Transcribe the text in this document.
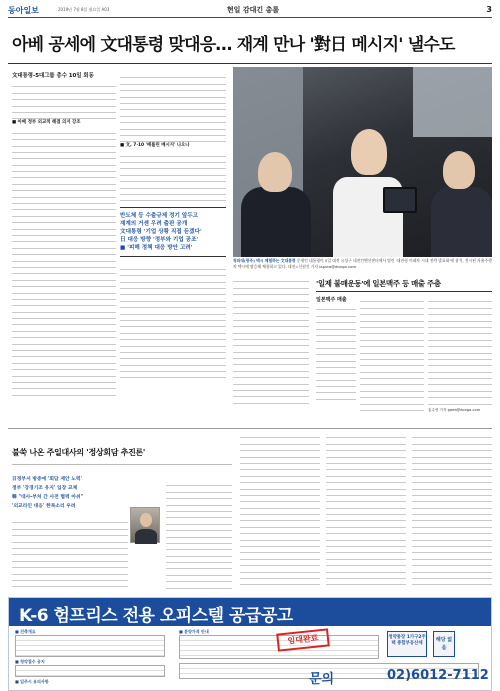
동아일보	2019년 7월 8일 월요일 A03	현일 감대긴 총롤	3
아베 공세에 文대통령 맞대응… 재계 만나 '對日 메시지' 낼수도
文대통령-5대그룹 총수 10일 회동
■ 아베 정부 외교적 해결 의지 강조
■ 文, 7·10 '베를린 메시지' 나오나
반도체 등 수출규제 정기 앞두고
재계의 거센 우려 출판 공개
文대통령 '기업 상황 직접 듣겠다'
日 대응 방향 '정부와 기업 공조'
■ '피해 정책 대응 방안 고려'
청와대(광주) 택시 체험하는 文대통령 문재인 대통령이 5일 대전 유성구 대전컨벤션센터에서 열린 '대전형 미래차 시대 전략 발표회'에 참석, 전시된 자율주행차 택시에 탑승해 체험하고 있다. 대전=신원건 기자 laputa@donga.com
'일제 불매운동'에 일본맥주 등 매출 주춤
일본맥주 매출
홍수영 기자 gaea@donga.com
불쑥 나온 주일대사의 '정상회담 추진론'
日정부서 방중에 '회담 제안 노력'
정부 '강경기조 유지' 입장 교체
韓 "대사-부처 간 사전 협력 아쉬"
'외교라인 대응' 한목소리 우려
K-6 험프리스 전용 오피스텔 공급공고
■ 건축개요
■ 청약접수 공지
■ 입주시 유의사항
■ 분양가격 안내
임대완료	청약통장 1가구2주택 종합부동산세
해당 없음
문의	02)6012-7112
